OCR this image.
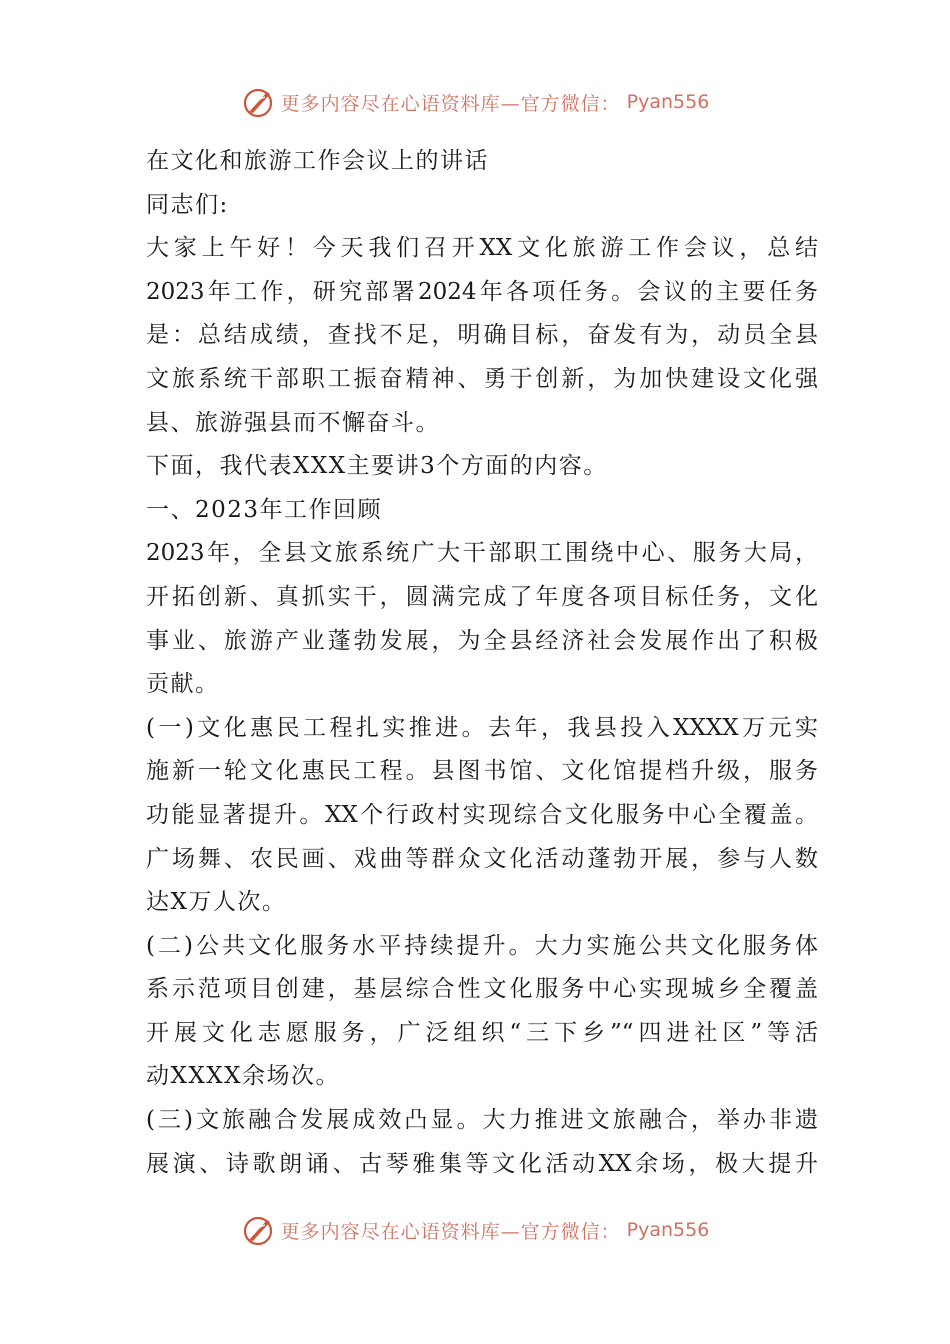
更多内容尽在心语资料库—官方微信： Pyan556
在文化和旅游工作会议上的讲话
同志们:
大家上午好！今天我们召开XX文化旅游工作会议，总结
2023年工作，研究部署2024年各项任务。会议的主要任务
是：总结成绩，查找不足，明确目标，奋发有为，动员全县
文旅系统干部职工振奋精神、勇于创新，为加快建设文化强
县、旅游强县而不懈奋斗。
下面，我代表XXX主要讲3个方面的内容。
一、2023年工作回顾
2023年，全县文旅系统广大干部职工围绕中心、服务大局，
开拓创新、真抓实干，圆满完成了年度各项目标任务，文化
事业、旅游产业蓬勃发展，为全县经济社会发展作出了积极
贡献。
(一)文化惠民工程扎实推进。去年，我县投入XXXX万元实
施新一轮文化惠民工程。县图书馆、文化馆提档升级，服务
功能显著提升。XX个行政村实现综合文化服务中心全覆盖。
广场舞、农民画、戏曲等群众文化活动蓬勃开展，参与人数
达X万人次。
(二)公共文化服务水平持续提升。大力实施公共文化服务体
系示范项目创建，基层综合性文化服务中心实现城乡全覆盖
开展文化志愿服务，广泛组织“三下乡”“四进社区”等活
动XXXX余场次。
(三)文旅融合发展成效凸显。大力推进文旅融合，举办非遗
展演、诗歌朗诵、古琴雅集等文化活动XX余场，极大提升
更多内容尽在心语资料库—官方微信： Pyan556
